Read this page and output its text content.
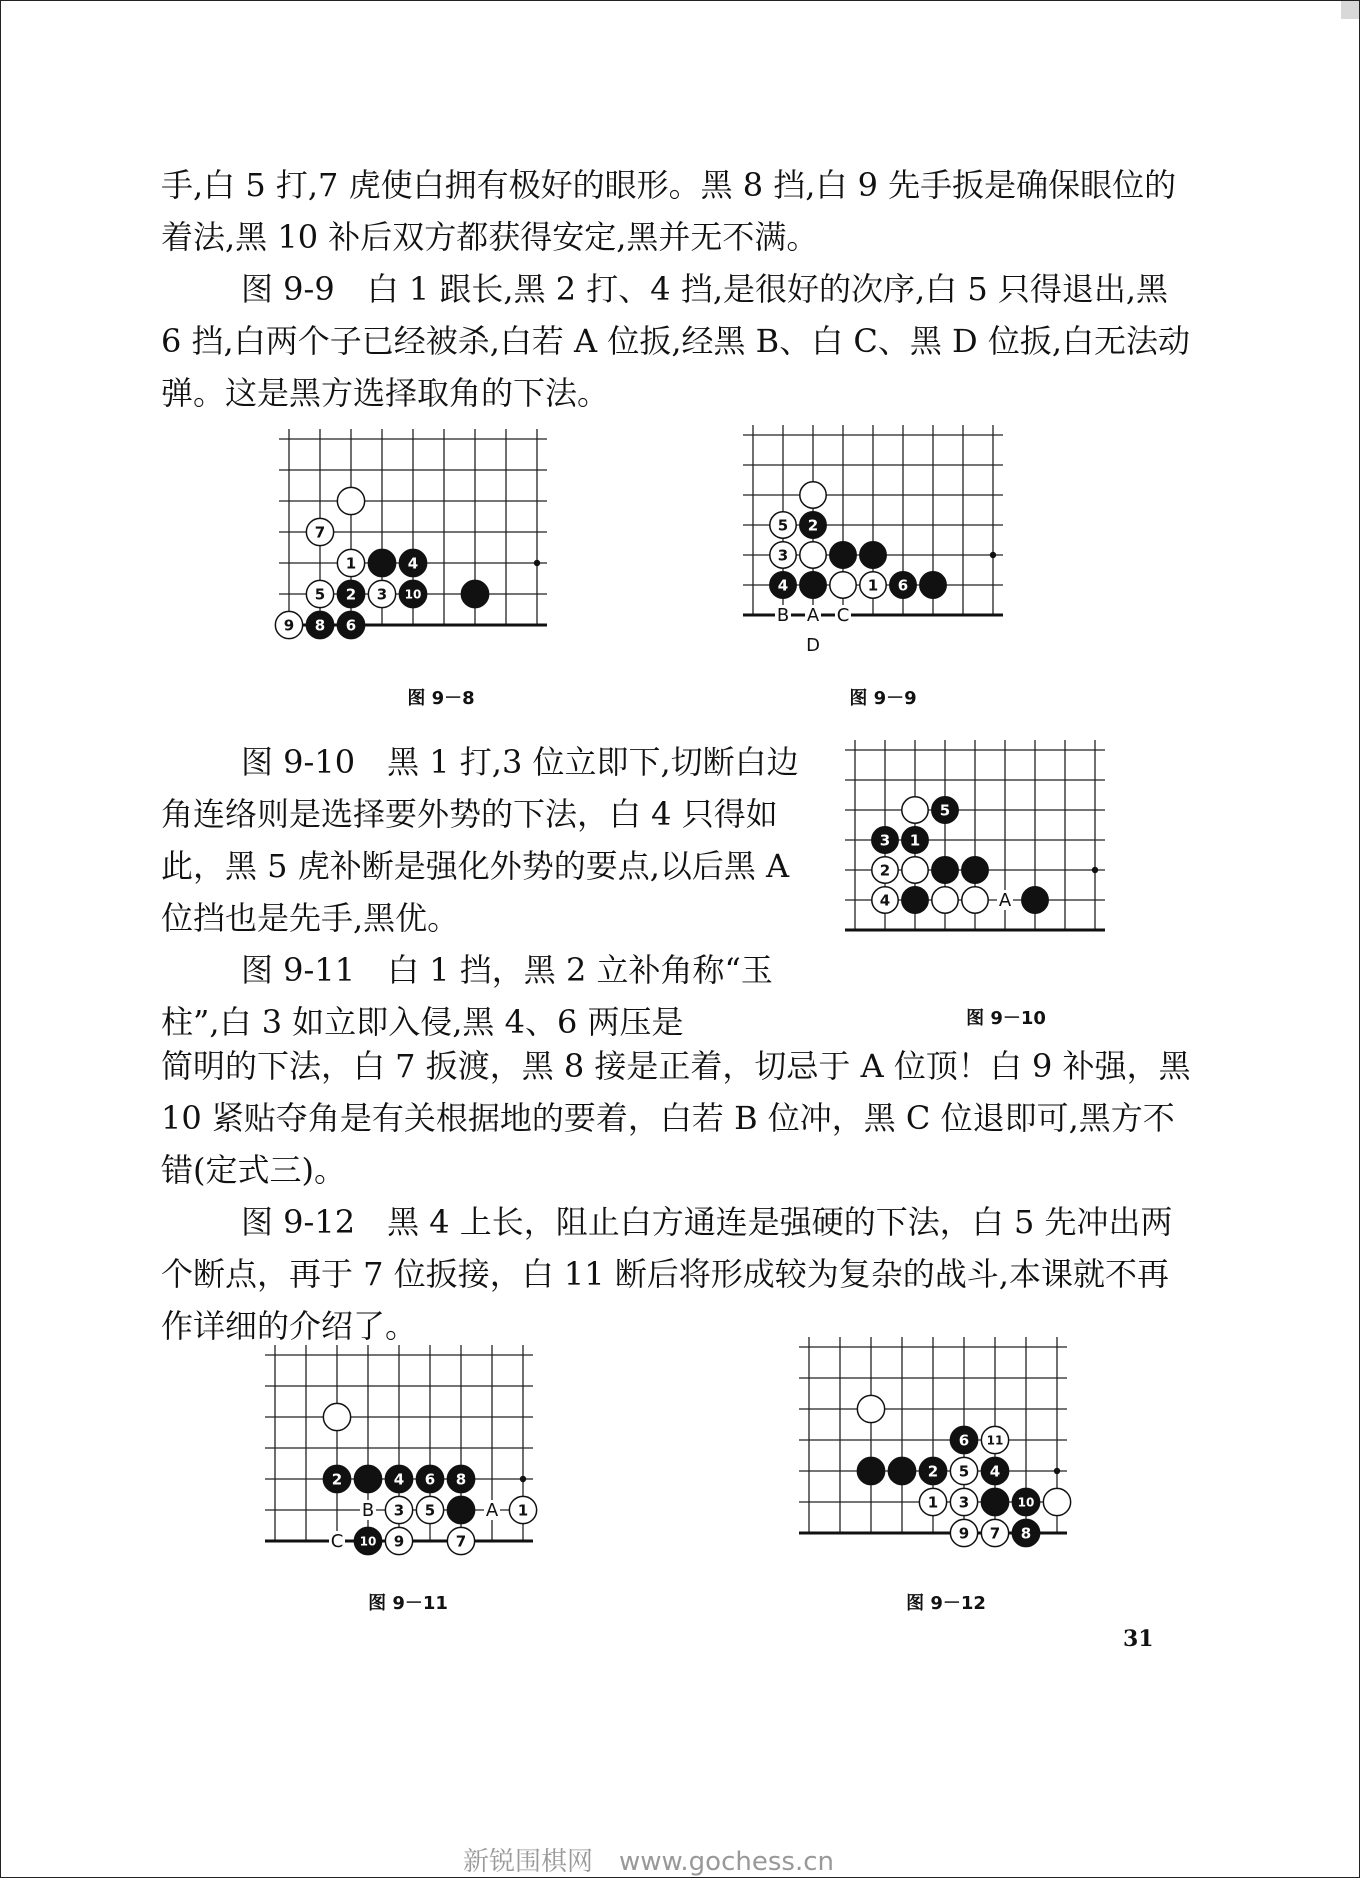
手,白 5 打,7 虎使白拥有极好的眼形。黑 8 挡,白 9 先手扳是确保眼位的着法,黑 10 补后双方都获得安定,黑并无不满。

图 9-9　白 1 跟长,黑 2 打、4 挡,是很好的次序,白 5 只得退出,黑 6 挡,白两个子已经被杀,白若 A 位扳,经黑 B、白 C、黑 D 位扳,白无法动弹。这是黑方选择取角的下法。

7
1	4
5 2 3 10
9 8 6
图 9－8
5 2
3
4	1 6
B A C
D
图 9－9

图 9-10　黑 1 打,3 位立即下,切断白边角连络则是选择要外势的下法，白 4 只得如此，黑 5 虎补断是强化外势的要点,以后黑 A 位挡也是先手,黑优。

图 9-11　白 1 挡，黑 2 立补角称“玉柱”,白 3 如立即入侵,黑 4、6 两压是

5
3 1
2
4	A
图 9－10

简明的下法，白 7 扳渡，黑 8 接是正着，切忌于 A 位顶！白 9 补强，黑 10 紧贴夺角是有关根据地的要着，白若 B 位冲，黑 C 位退即可,黑方不错(定式三)。

图 9-12　黑 4 上长，阻止白方通连是强硬的下法，白 5 先冲出两个断点，再于 7 位扳接，白 11 断后将形成较为复杂的战斗,本课就不再作详细的介绍了。

2	4 6 8
3 5	1
10 9	7
B	A
C
图 9－11
6 11
2 5 4
1 3	10
9 7 8
图 9－12
31
新锐围棋网　www.gochess.cn
